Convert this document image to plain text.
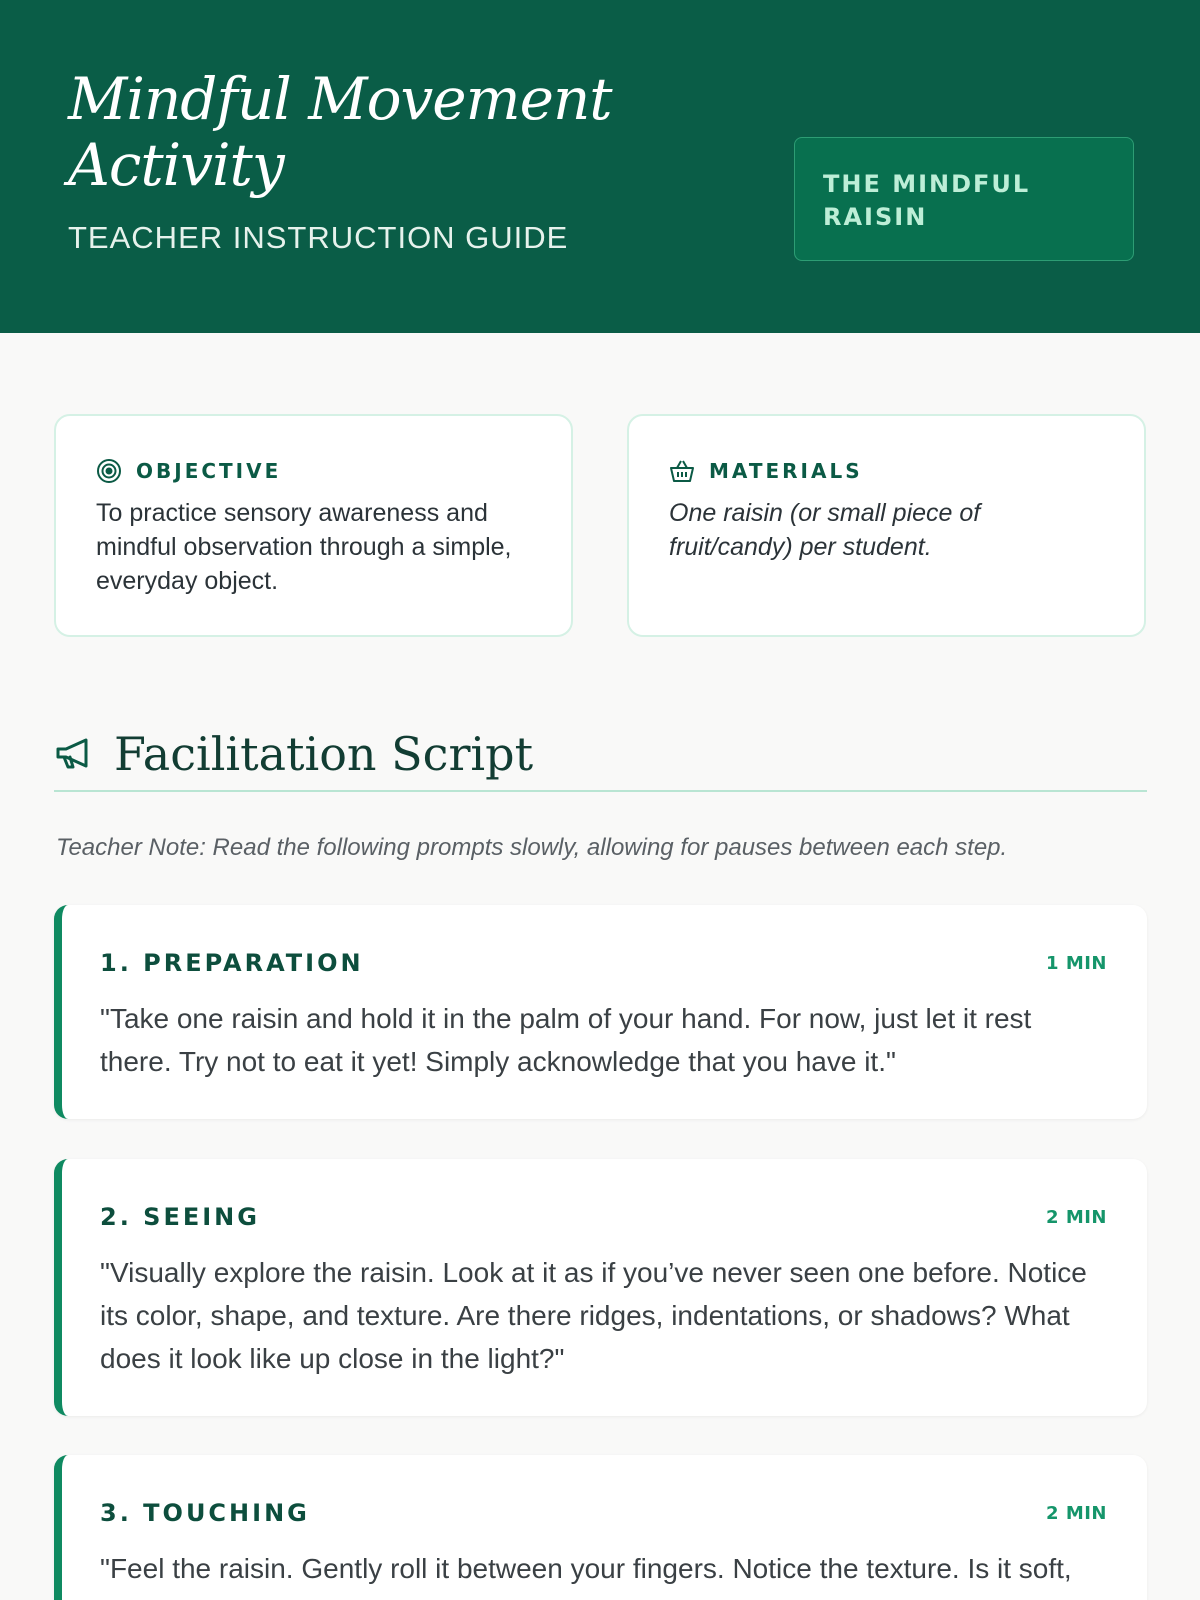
Mindful Movement Activity
TEACHER INSTRUCTION GUIDE
THE MINDFUL RAISIN
OBJECTIVE
To practice sensory awareness and mindful observation through a simple, everyday object.
MATERIALS
One raisin (or small piece of fruit/candy) per student.
Facilitation Script
Teacher Note: Read the following prompts slowly, allowing for pauses between each step.
1. PREPARATION	1 MIN
"Take one raisin and hold it in the palm of your hand. For now, just let it rest there. Try not to eat it yet! Simply acknowledge that you have it."
2. SEEING	2 MIN
"Visually explore the raisin. Look at it as if you’ve never seen one before. Notice its color, shape, and texture. Are there ridges, indentations, or shadows? What does it look like up close in the light?"
3. TOUCHING	2 MIN
"Feel the raisin. Gently roll it between your fingers. Notice the texture. Is it soft,
